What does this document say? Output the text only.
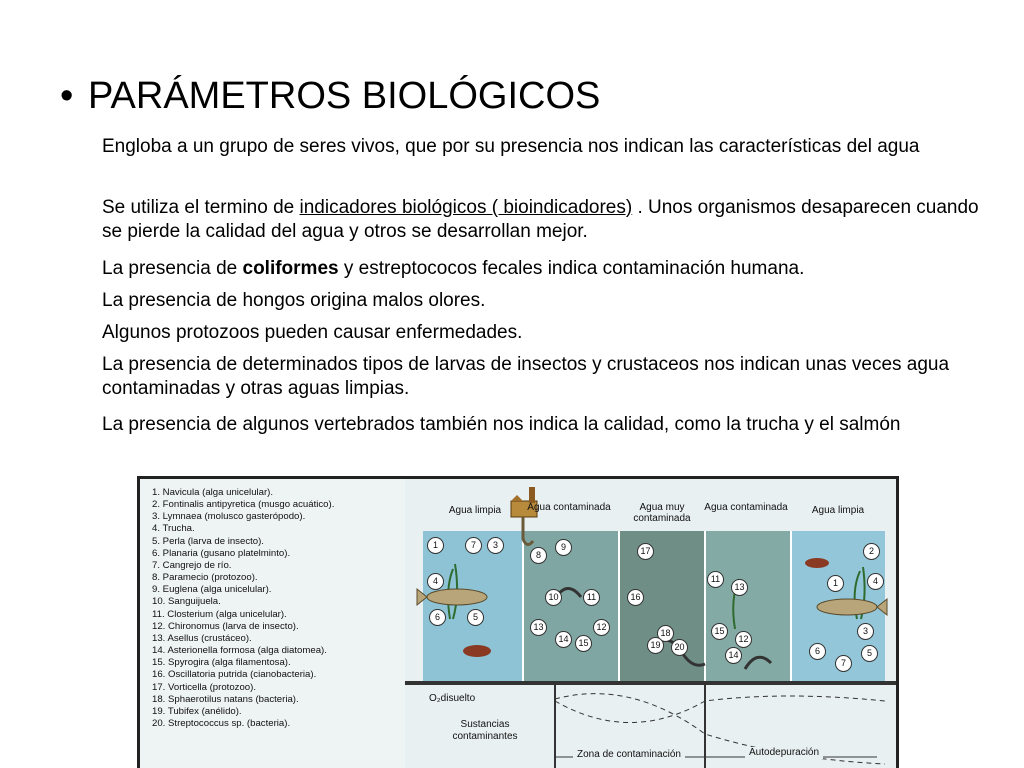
• PARÁMETROS BIOLÓGICOS
Engloba a un grupo de seres vivos, que por su presencia nos indican las características del agua
Se utiliza el termino de indicadores biológicos ( bioindicadores) . Unos organismos desaparecen cuando se pierde la calidad del agua y otros se desarrollan mejor.
La presencia de coliformes y estreptococos fecales indica contaminación humana.
La presencia de hongos origina malos olores.
Algunos protozoos pueden causar enfermedades.
La presencia de determinados tipos de larvas de insectos y crustaceos nos indican unas veces agua contaminadas y otras aguas limpias.
La presencia de algunos vertebrados también nos indica la calidad, como la trucha y el salmón
1. Navicula (alga unicelular).
2. Fontinalis antipyretica (musgo acuático).
3. Lymnaea (molusco gasterópodo).
4. Trucha.
5. Perla (larva de insecto).
6. Planaria (gusano platelminto).
7. Cangrejo de río.
8. Paramecio (protozoo).
9. Euglena (alga unicelular).
10. Sanguijuela.
11. Closterium (alga unicelular).
12. Chironomus (larva de insecto).
13. Asellus (crustáceo).
14. Asterionella formosa (alga diatomea).
15. Spyrogira (alga filamentosa).
16. Oscillatoria putrida (cianobacteria).
17. Vorticella (protozoo).
18. Sphaerotilus natans (bacteria).
19. Tubifex (anélido).
20. Streptococcus sp. (bacteria).
Agua limpia	Agua contaminada	Agua muy contaminada
Agua contaminada	Agua limpia
1	3
4
7
6	5
8
9
10	11
12
13
14	15
17
16
18
19	20
11
13
15
12
14
2
1	4
3
7
6	5
O₂disuelto
Sustancias contaminantes
Zona de contaminación	Autodepuración
